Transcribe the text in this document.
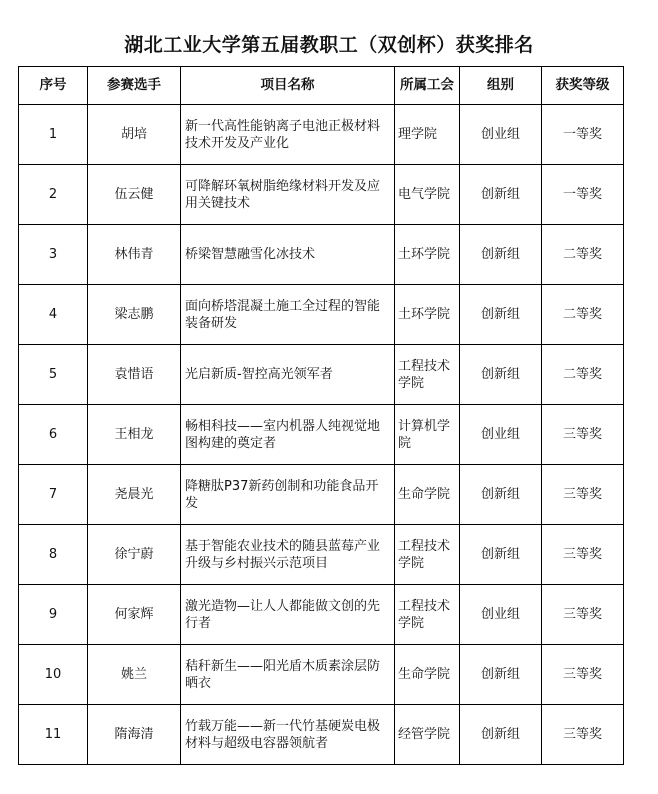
湖北工业大学第五届教职工（双创杯）获奖排名
序号	参赛选手	项目名称	所属工会	组别	获奖等级
1	胡培	新一代高性能钠离子电池正极材料技术开发及产业化	理学院	创业组	一等奖
2	伍云健	可降解环氧树脂绝缘材料开发及应用关键技术	电气学院	创新组	一等奖
3	林伟青	桥梁智慧融雪化冰技术	土环学院	创新组	二等奖
4	梁志鹏	面向桥塔混凝土施工全过程的智能装备研发	土环学院	创新组	二等奖
5	袁惜语	光启新质-智控高光领军者	工程技术学院	创新组	二等奖
6	王相龙	畅相科技——室内机器人纯视觉地图构建的奠定者	计算机学院	创业组	三等奖
7	尧晨光	降糖肽P37新药创制和功能食品开发	生命学院	创新组	三等奖
8	徐宁蔚	基于智能农业技术的随县蓝莓产业升级与乡村振兴示范项目	工程技术学院	创新组	三等奖
9	何家辉	激光造物—让人人都能做文创的先行者	工程技术学院	创业组	三等奖
10	姚兰	秸秆新生——阳光盾木质素涂层防晒衣	生命学院	创新组	三等奖
11	隋海清	竹载万能——新一代竹基硬炭电极材料与超级电容器领航者	经管学院	创新组	三等奖
